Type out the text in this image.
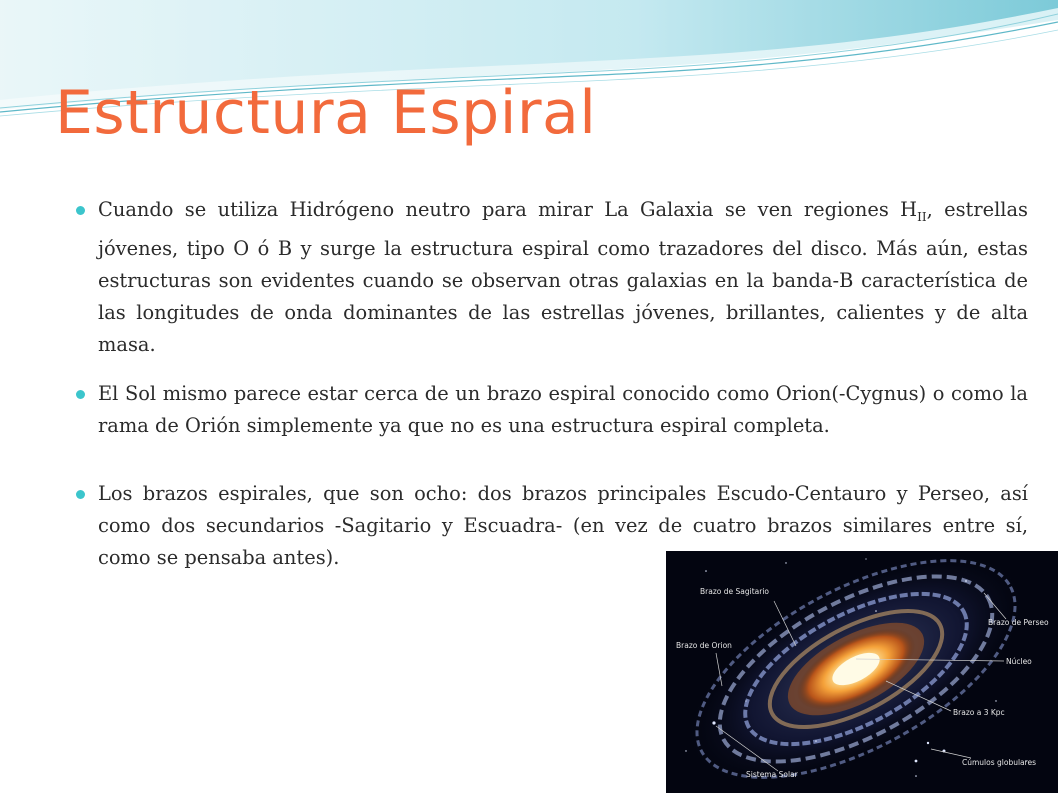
Estructura Espiral
Cuando se utiliza Hidrógeno neutro para mirar La Galaxia se ven regiones $H_{II}$, estrellas jóvenes, tipo O ó B y surge la estructura espiral como trazadores del disco. Más aún, estas estructuras son evidentes cuando se observan otras galaxias en la banda-B característica de las longitudes de onda dominantes de las estrellas jóvenes, brillantes, calientes y de alta masa.
El Sol mismo parece estar cerca de un brazo espiral conocido como Orion(-Cygnus) o como la rama de Orión simplemente ya que no es una estructura espiral completa.
Los brazos espirales, que son ocho: dos brazos principales Escudo-Centauro y Perseo, así como dos secundarios -Sagitario y Escuadra- (en vez de cuatro brazos similares entre sí, como se pensaba antes).
Brazo de Sagitario
Brazo de Perseo
Brazo de Orion
Núcleo
Brazo a 3 Kpc
Cúmulos globulares
Sistema Solar
